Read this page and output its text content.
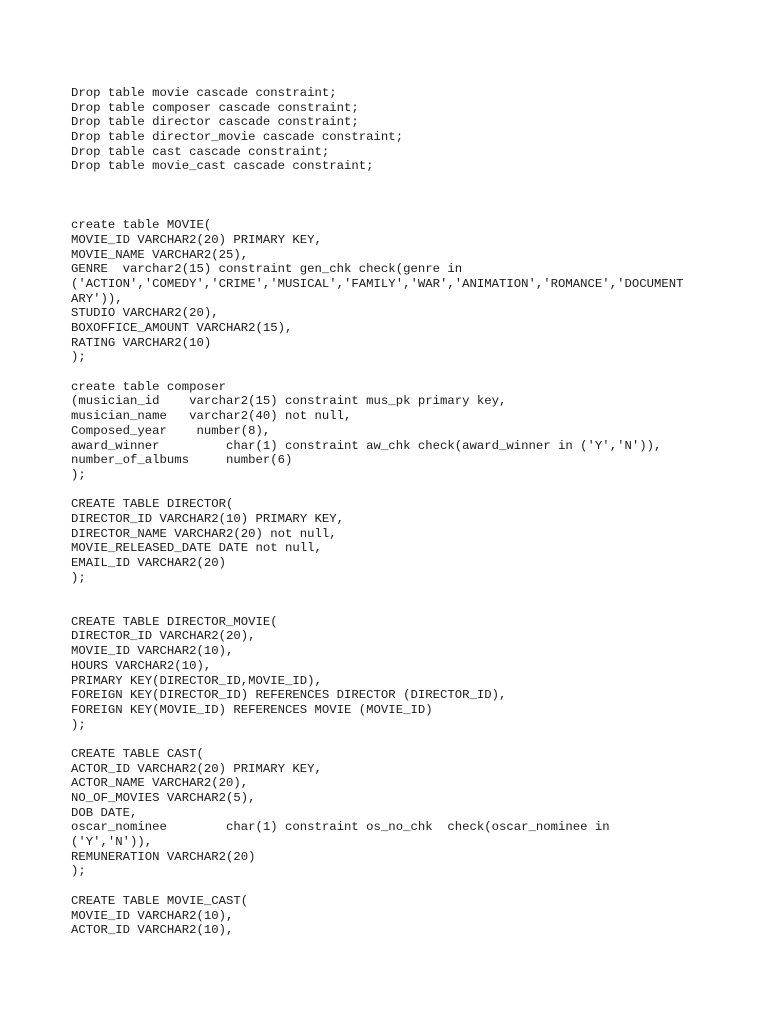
Drop table movie cascade constraint;
Drop table composer cascade constraint;
Drop table director cascade constraint;
Drop table director_movie cascade constraint;
Drop table cast cascade constraint;
Drop table movie_cast cascade constraint;
create table MOVIE(
MOVIE_ID VARCHAR2(20) PRIMARY KEY,
MOVIE_NAME VARCHAR2(25),
GENRE  varchar2(15) constraint gen_chk check(genre in
('ACTION','COMEDY','CRIME','MUSICAL','FAMILY','WAR','ANIMATION','ROMANCE','DOCUMENT
ARY')),
STUDIO VARCHAR2(20),
BOXOFFICE_AMOUNT VARCHAR2(15),
RATING VARCHAR2(10)
);
create table composer
(musician_id    varchar2(15) constraint mus_pk primary key,
musician_name   varchar2(40) not null,
Composed_year    number(8),
award_winner         char(1) constraint aw_chk check(award_winner in ('Y','N')),
number_of_albums     number(6)
);
CREATE TABLE DIRECTOR(
DIRECTOR_ID VARCHAR2(10) PRIMARY KEY,
DIRECTOR_NAME VARCHAR2(20) not null,
MOVIE_RELEASED_DATE DATE not null,
EMAIL_ID VARCHAR2(20)
);
CREATE TABLE DIRECTOR_MOVIE(
DIRECTOR_ID VARCHAR2(20),
MOVIE_ID VARCHAR2(10),
HOURS VARCHAR2(10),
PRIMARY KEY(DIRECTOR_ID,MOVIE_ID),
FOREIGN KEY(DIRECTOR_ID) REFERENCES DIRECTOR (DIRECTOR_ID),
FOREIGN KEY(MOVIE_ID) REFERENCES MOVIE (MOVIE_ID)
);
CREATE TABLE CAST(
ACTOR_ID VARCHAR2(20) PRIMARY KEY,
ACTOR_NAME VARCHAR2(20),
NO_OF_MOVIES VARCHAR2(5),
DOB DATE,
oscar_nominee        char(1) constraint os_no_chk  check(oscar_nominee in
('Y','N')),
REMUNERATION VARCHAR2(20)
);
CREATE TABLE MOVIE_CAST(
MOVIE_ID VARCHAR2(10),
ACTOR_ID VARCHAR2(10),
